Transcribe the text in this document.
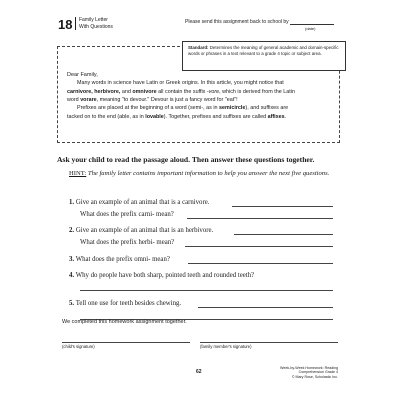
18 Family Letter
With Questions
Please send this assignment back to school by
(date)
Standard: Determines the meaning of general academic and domain-specific words or phrases in a text relevant to a grade 4 topic or subject area.
Dear Family,
Many words in science have Latin or Greek origins. In this article, you might notice that
carnivore, herbivore, and omnivore all contain the suffix -vore, which is derived from the Latin
word vorare, meaning "to devour." Devour is just a fancy word for "eat"!
Prefixes are placed at the beginning of a word (semi-, as in semicircle), and suffixes are
tacked on to the end (able, as in lovable). Together, prefixes and suffixes are called affixes.
Ask your child to read the passage aloud. Then answer these questions together.
HINT: The family letter contains important information to help you answer the next five questions.
1. Give an example of an animal that is a carnivore.
What does the prefix carni- mean?
2. Give an example of an animal that is an herbivore.
What does the prefix herbi- mean?
3. What does the prefix omni- mean?
4. Why do people have both sharp, pointed teeth and rounded teeth?
5. Tell one use for teeth besides chewing.
We completed this homework assignment together.
(child's signature)	(family member's signature)
62
Week-by-Week Homework: Reading Comprehension Grade 4
© Mary Rose, Scholastic Inc.
